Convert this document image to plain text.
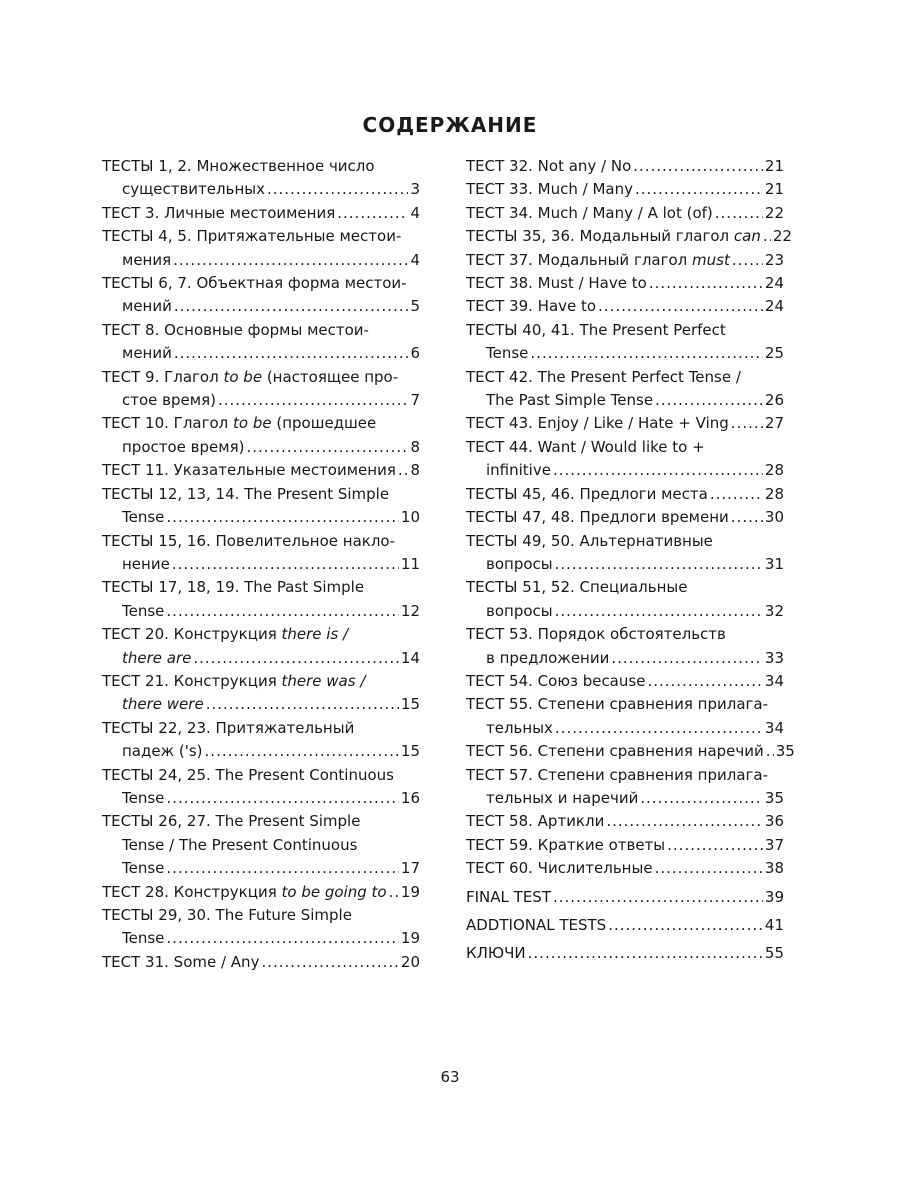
СОДЕРЖАНИЕ
ТЕСТЫ 1, 2. Множественное число
существительных .....	3
ТЕСТ 3. Личные местоимения .....	4
ТЕСТЫ 4, 5. Притяжательные местои-
мения .....	4
ТЕСТЫ 6, 7. Объектная форма местои-
мений .....	5
ТЕСТ 8. Основные формы местои-
мений .....	6
ТЕСТ 9. Глагол to be (настоящее про-
стое время) .....	7
ТЕСТ 10. Глагол to be (прошедшее
простое время) .....	8
ТЕСТ 11. Указательные местоимения ..... 8
ТЕСТЫ 12, 13, 14. The Present Simple
Tense .....	10
ТЕСТЫ 15, 16. Повелительное накло-
нение .....	11
ТЕСТЫ 17, 18, 19. The Past Simple
Tense .....	12
ТЕСТ 20. Конструкция there is /
there are .....	14
ТЕСТ 21. Конструкция there was /
there were .....	15
ТЕСТЫ 22, 23. Притяжательный
падеж ('s) .....	15
ТЕСТЫ 24, 25. The Present Continuous
Tense .....	16
ТЕСТЫ 26, 27. The Present Simple
Tense / The Present Continuous
Tense .....	17
ТЕСТ 28. Конструкция to be going to ..... 19
ТЕСТЫ 29, 30. The Future Simple
Tense .....	19
ТЕСТ 31. Some / Any .....	20
ТЕСТ 32. Not any / No .....	21
ТЕСТ 33. Much / Many .....	21
ТЕСТ 34. Much / Many / A lot (of) .....	22
ТЕСТЫ 35, 36. Модальный глагол can ..... 22
ТЕСТ 37. Модальный глагол must ..... 23
ТЕСТ 38. Must / Have to .....	24
ТЕСТ 39. Have to .....	24
ТЕСТЫ 40, 41. The Present Perfect
Tense .....	25
ТЕСТ 42. The Present Perfect Tense /
The Past Simple Tense .....	26
ТЕСТ 43. Enjoy / Like / Hate + Ving ..... 27
ТЕСТ 44. Want / Would like to +
infinitive .....	28
ТЕСТЫ 45, 46. Предлоги места .....	28
ТЕСТЫ 47, 48. Предлоги времени ..... 30
ТЕСТЫ 49, 50. Альтернативные
вопросы .....	31
ТЕСТЫ 51, 52. Специальные
вопросы .....	32
ТЕСТ 53. Порядок обстоятельств
в предложении .....	33
ТЕСТ 54. Союз because .....	34
ТЕСТ 55. Степени сравнения прилага-
тельных .....	34
ТЕСТ 56. Степени сравнения наречий ..... 35
ТЕСТ 57. Степени сравнения прилага-
тельных и наречий .....	35
ТЕСТ 58. Артикли .....	36
ТЕСТ 59. Краткие ответы .....	37
ТЕСТ 60. Числительные .....	38
FINAL TEST .....	39
ADDTIONAL TESTS .....	41
КЛЮЧИ .....	55
63
